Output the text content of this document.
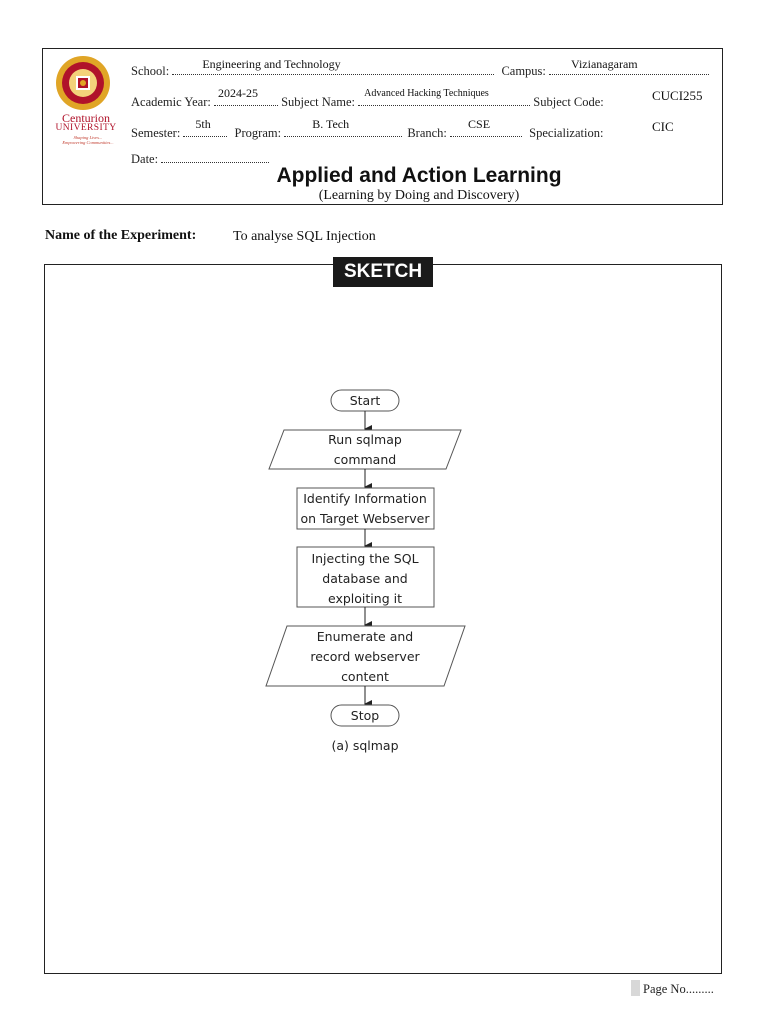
Centurion
UNIVERSITY
Shaping Lives...
Empowering Communities...
School:	Engineering and Technology	Campus: Vizianagaram
Academic Year:
2024-25
Subject Name:
Advanced Hacking Techniques
Subject Code:	CUCI255
Semester:
5th
Program:
B. Tech
Branch:
CSE
Specialization:	CIC
Date:
Applied and Action Learning
(Learning by Doing and Discovery)
Name of the Experiment:	To analyse SQL Injection
SKETCH
Start
Run sqlmap
command
Identify Information
on Target Webserver
Injecting the SQL
database and
exploiting it
Enumerate and
record webserver
content
Stop
(a) sqlmap
Page No.........
